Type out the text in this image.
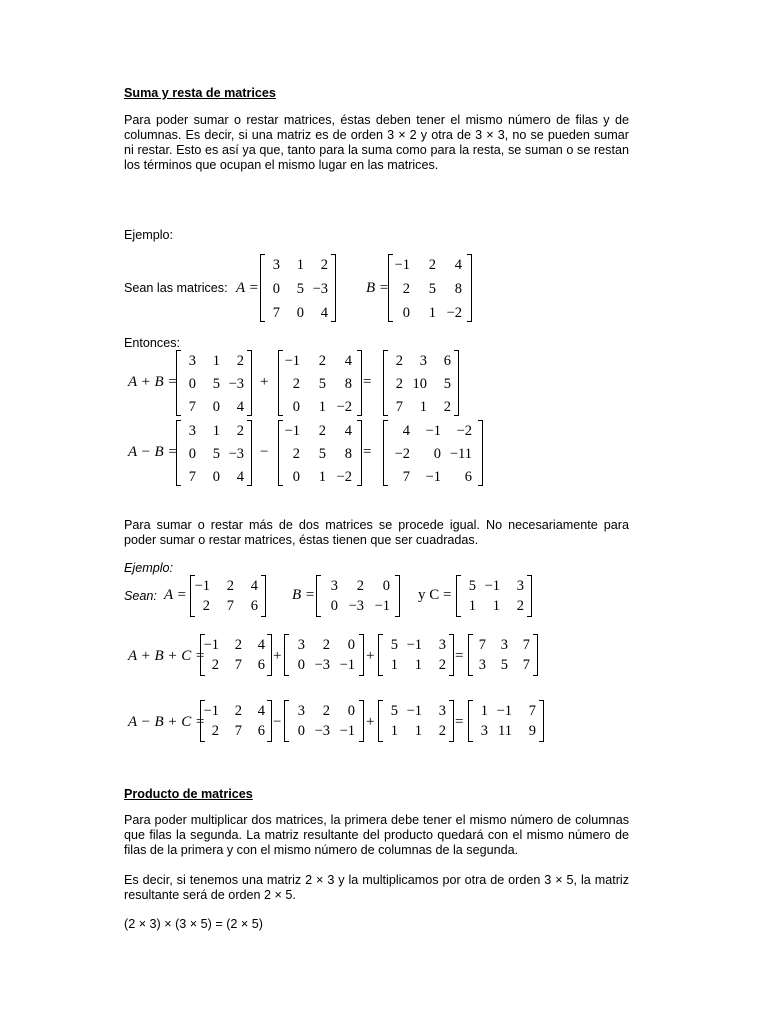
Suma y resta de matrices
Para poder sumar o restar matrices, éstas deben tener el mismo número de filas y de columnas. Es decir, si una matriz es de orden 3 × 2 y otra de 3 × 3, no se pueden sumar ni restar. Esto es así ya que, tanto para la suma como para la resta, se suman o se restan los términos que ocupan el mismo lugar en las matrices.
Ejemplo:
Sean las matrices: A =
3	1	2
0	5 −3
7	0	4
B =
−1	2	4
2	5	8
0	1 −2
Entonces:
A + B =
3	1	2
0	5 −3
7	0	4
+
−1	2	4
2	5	8
0	1 −2
=
2	3	6
2 10	5
7	1	2
A − B =
3	1	2
0	5 −3
7	0	4
−
−1	2	4
2	5	8
0	1 −2
=
4	−1	−2
−2	0 −11
7	−1	6
Para sumar o restar más de dos matrices se procede igual. No necesariamente para poder sumar o restar matrices, éstas tienen que ser cuadradas.
Ejemplo:
Sean: A =
−1	2	4
2	7	6
B =
3	2	0
0 −3 −1
y C =
5 −1	3
1	1	2
A + B + C =
−1	2	4
2	7	6
+
3	2	0
0 −3 −1
+
5 −1	3
1	1	2
=
7	3	7
3	5	7
A − B + C =
−1	2	4
2	7	6
−
3	2	0
0 −3 −1
+
5 −1	3
1	1	2
=
1 −1	7
3 11	9
Producto de matrices
Para poder multiplicar dos matrices, la primera debe tener el mismo número de columnas que filas la segunda. La matriz resultante del producto quedará con el mismo número de filas de la primera y con el mismo número de columnas de la segunda.
Es decir, si tenemos una matriz 2 × 3 y la multiplicamos por otra de orden 3 × 5, la matriz resultante será de orden 2 × 5.
(2 × 3) × (3 × 5) = (2 × 5)
